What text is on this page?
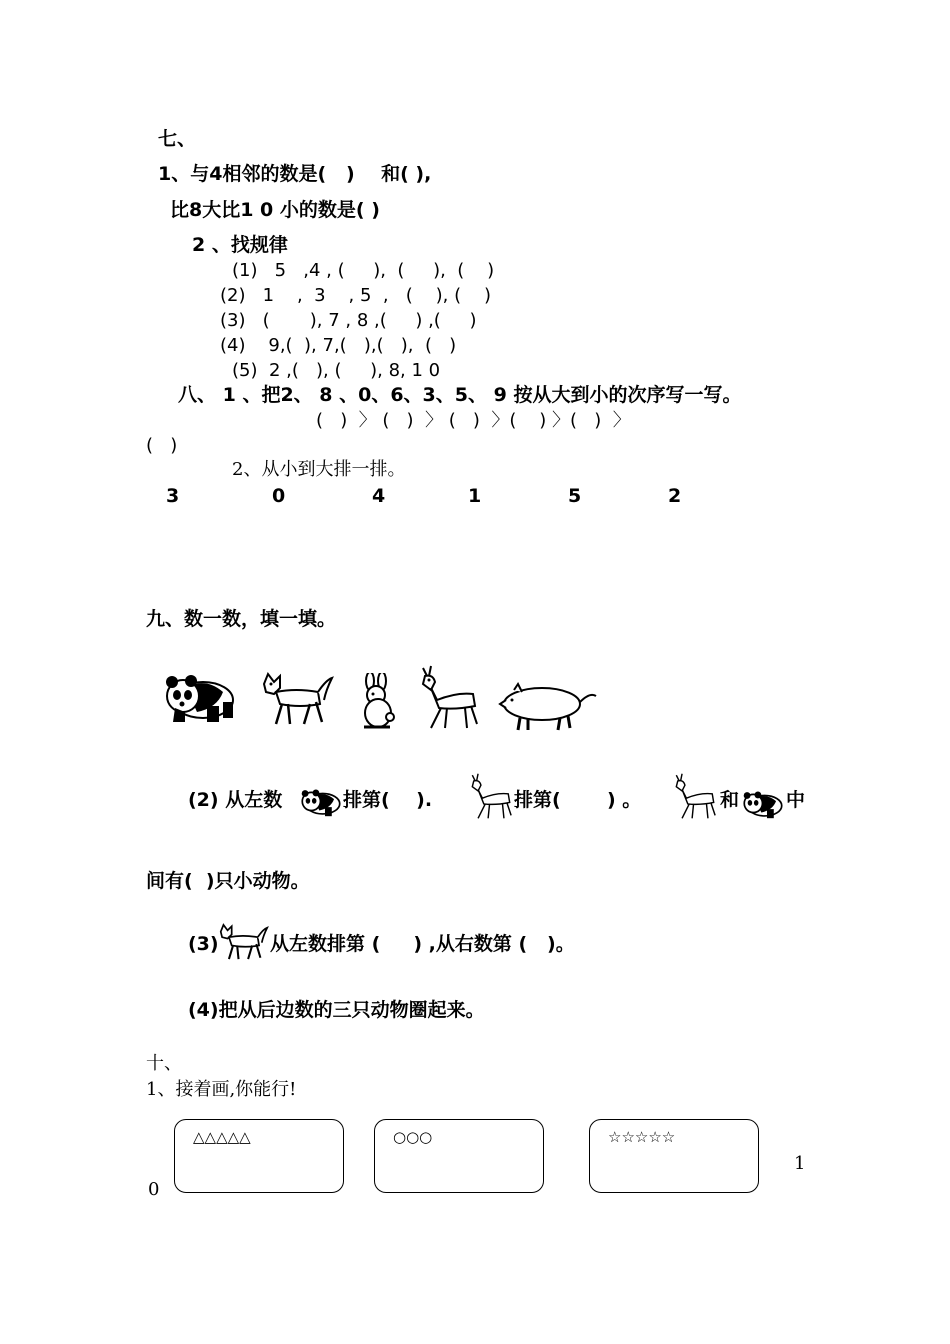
七、
1、与4相邻的数是(   )    和( ),
比8大比1 0 小的数是( )
2 、找规律
(1)   5   ,4 , (     ),  (     ),  (    )
(2)   1    ,  3    , 5  ,   (    ), (    )
(3)   (       ), 7 , 8 ,(     ) ,(     )
(4)    9,(  ), 7,(   ),(   ),  (   )
(5)  2 ,(   ), (     ), 8, 1 0
八、 1 、把2、 8 、0、6、3、5、 9 按从大到小的次序写一写。
(   )  〉 (   )  〉 (   )  〉(    ) 〉(   )  〉
(   )
2、从小到大排一排。
3	0	4	1	5	2
九、数一数，填一填。
(2) 从左数	排第(    ).	排第(       ) 。	和 中
间有(  )只小动物。
(3)	从左数排第 (     ) ,从右数第 (   )。
(4)把从后边数的三只动物圈起来。
十、
1、接着画,你能行!
△△△△△	○○○	☆☆☆☆☆
0
1
